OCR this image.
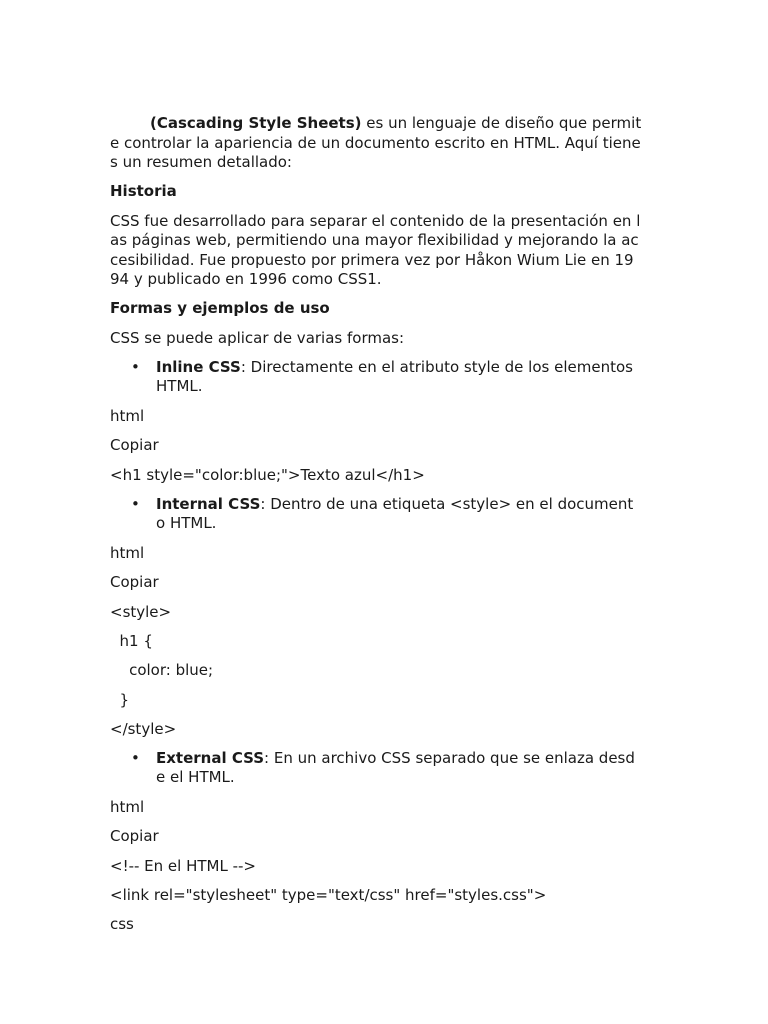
(Cascading Style Sheets) es un lenguaje de diseño que permit
e controlar la apariencia de un documento escrito en HTML. Aquí tiene
s un resumen detallado:
Historia
CSS fue desarrollado para separar el contenido de la presentación en l
as páginas web, permitiendo una mayor flexibilidad y mejorando la ac
cesibilidad. Fue propuesto por primera vez por Håkon Wium Lie en 19
94 y publicado en 1996 como CSS1.
Formas y ejemplos de uso
CSS se puede aplicar de varias formas:
• Inline CSS: Directamente en el atributo style de los elementos
HTML.
html
Copiar
<h1 style="color:blue;">Texto azul</h1>
• Internal CSS: Dentro de una etiqueta <style> en el document
o HTML.
html
Copiar
<style>
h1 {
color: blue;
}
</style>
• External CSS: En un archivo CSS separado que se enlaza desd
e el HTML.
html
Copiar
<!-- En el HTML -->
<link rel="stylesheet" type="text/css" href="styles.css">
css
